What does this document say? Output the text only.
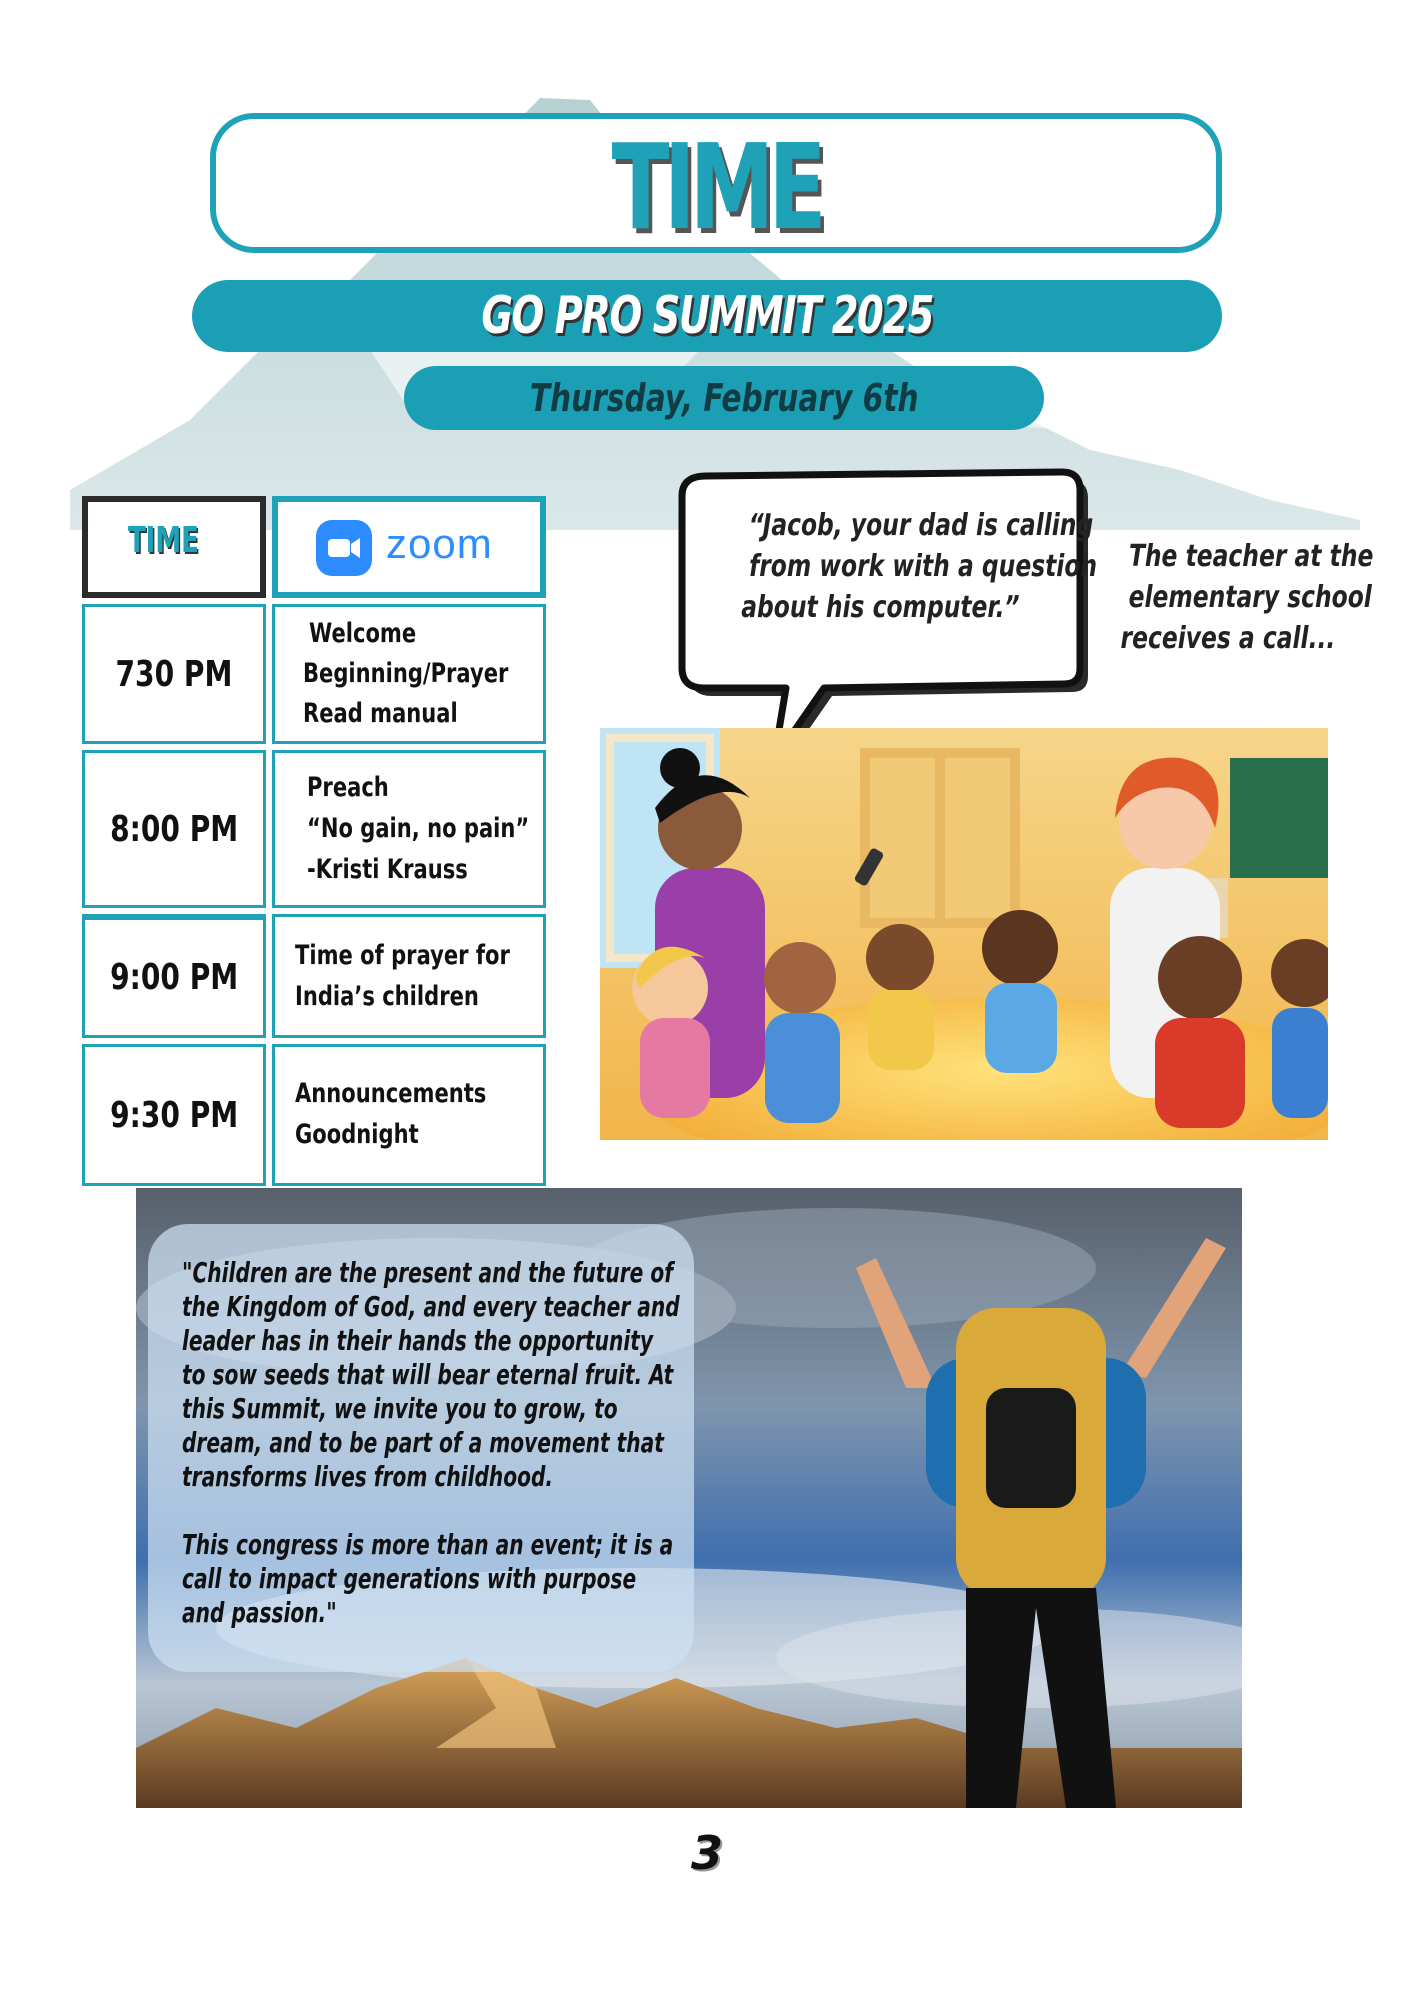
TIME
GO PRO SUMMIT 2025
Thursday, February 6th
TIME	zoom
730 PM
Welcome
Beginning/Prayer
Read manual
8:00 PM
Preach
“No gain, no pain”
-Kristi Krauss
9:00 PM
Time of prayer for
India’s children
9:30 PM
Announcements
Goodnight
“Jacob, your dad is calling
from work with a question
about his computer.”
The teacher at the
elementary school
receives a call...
"Children are the present and the future of
the Kingdom of God, and every teacher and
leader has in their hands the opportunity
to sow seeds that will bear eternal fruit. At
this Summit, we invite you to grow, to
dream, and to be part of a movement that
transforms lives from childhood.
This congress is more than an event; it is a
call to impact generations with purpose
and passion."
3
